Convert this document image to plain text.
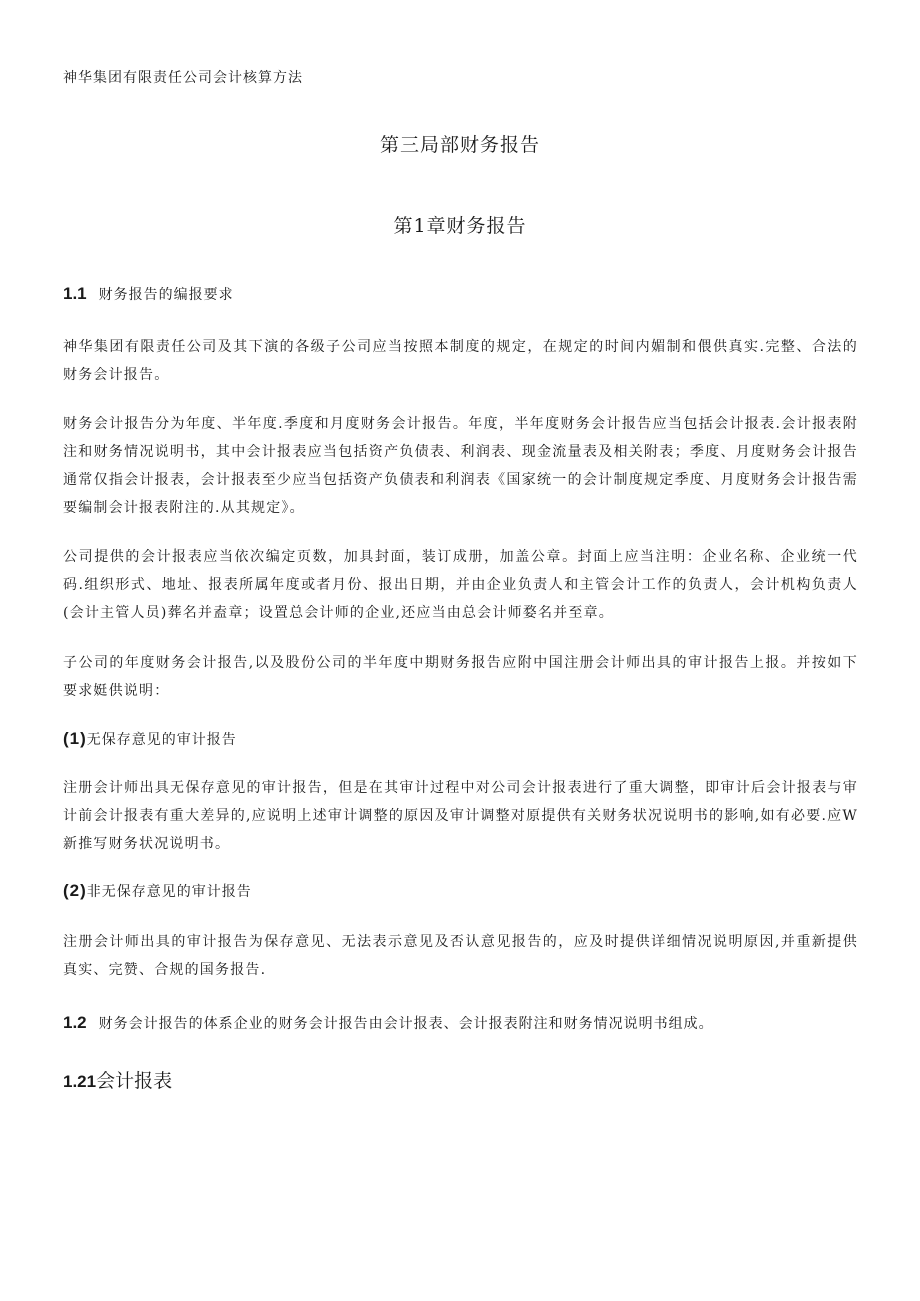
神华集团有限责任公司会计核算方法
第三局部财务报告
第1章财务报告
1.1 财务报告的编报要求

神华集团有限责任公司及其下演的各级子公司应当按照本制度的规定，在规定的时间内媚制和偎供真实.完整、合法的财务会计报告。

财务会计报告分为年度、半年度.季度和月度财务会计报告。年度，半年度财务会计报告应当包括会计报表.会计报表附注和财务情况说明书，其中会计报表应当包括资产负债表、利润表、现金流量表及相关附表；季度、月度财务会计报告通常仅指会计报表，会计报表至少应当包括资产负债表和利润表《国家统一的会计制度规定季度、月度财务会计报告需要编制会计报表附注的.从其规定》。

公司提供的会计报表应当依次编定页数，加具封面，装订成册，加盖公章。封面上应当注明：企业名称、企业统一代码.组织形式、地址、报表所属年度或者月份、报出日期，并由企业负责人和主管会计工作的负责人，会计机构负责人(会计主管人员)葬名并盍章；设置总会计师的企业,还应当由总会计师婺名并至章。

子公司的年度财务会计报告,以及股份公司的半年度中期财务报告应附中国注册会计师出具的审计报告上报。并按如下要求娗供说明：

(1)无保存意见的审计报告

注册会计师出具无保存意见的审计报告，但是在其审计过程中对公司会计报表进行了重大调整，即审计后会计报表与审计前会计报表有重大差异的,应说明上述审计调整的原因及审计调整对原提供有关财务状况说明书的影响,如有必要.应W新推写财务状况说明书。

(2)非无保存意见的审计报告

注册会计师出具的审计报告为保存意见、无法表示意见及否认意见报告的，应及时提供详细情况说明原因,并重新提供真实、完赞、合规的国务报告.

1.2 财务会计报告的体系企业的财务会计报告由会计报表、会计报表附注和财务情况说明书组成。
1.21会计报表
